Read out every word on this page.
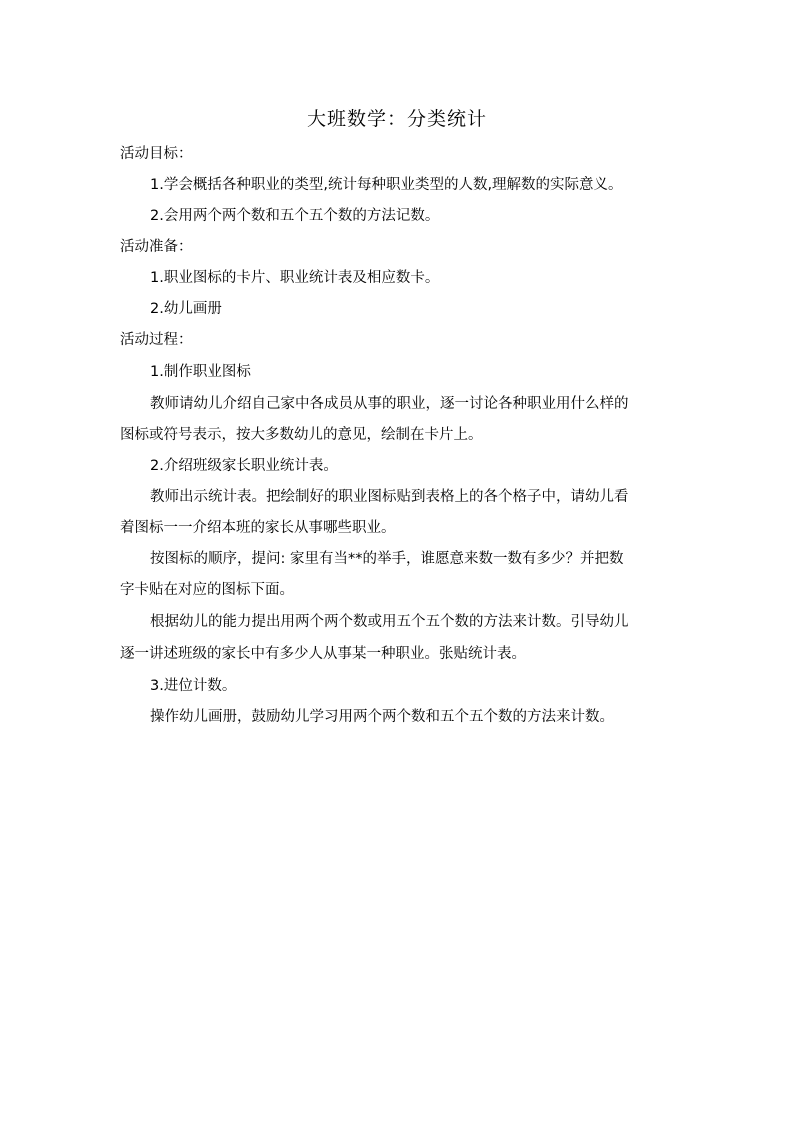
大班数学：分类统计
活动目标：
1.学会概括各种职业的类型,统计每种职业类型的人数,理解数的实际意义。
2.会用两个两个数和五个五个数的方法记数。
活动准备：
1.职业图标的卡片、职业统计表及相应数卡。
2.幼儿画册
活动过程：
1.制作职业图标
教师请幼儿介绍自己家中各成员从事的职业，逐一讨论各种职业用什么样的
图标或符号表示，按大多数幼儿的意见，绘制在卡片上。
2.介绍班级家长职业统计表。
教师出示统计表。把绘制好的职业图标贴到表格上的各个格子中，请幼儿看
着图标一一介绍本班的家长从事哪些职业。
按图标的顺序，提问: 家里有当**的举手，谁愿意来数一数有多少？并把数
字卡贴在对应的图标下面。
根据幼儿的能力提出用两个两个数或用五个五个数的方法来计数。引导幼儿
逐一讲述班级的家长中有多少人从事某一种职业。张贴统计表。
3.进位计数。
操作幼儿画册，鼓励幼儿学习用两个两个数和五个五个数的方法来计数。
